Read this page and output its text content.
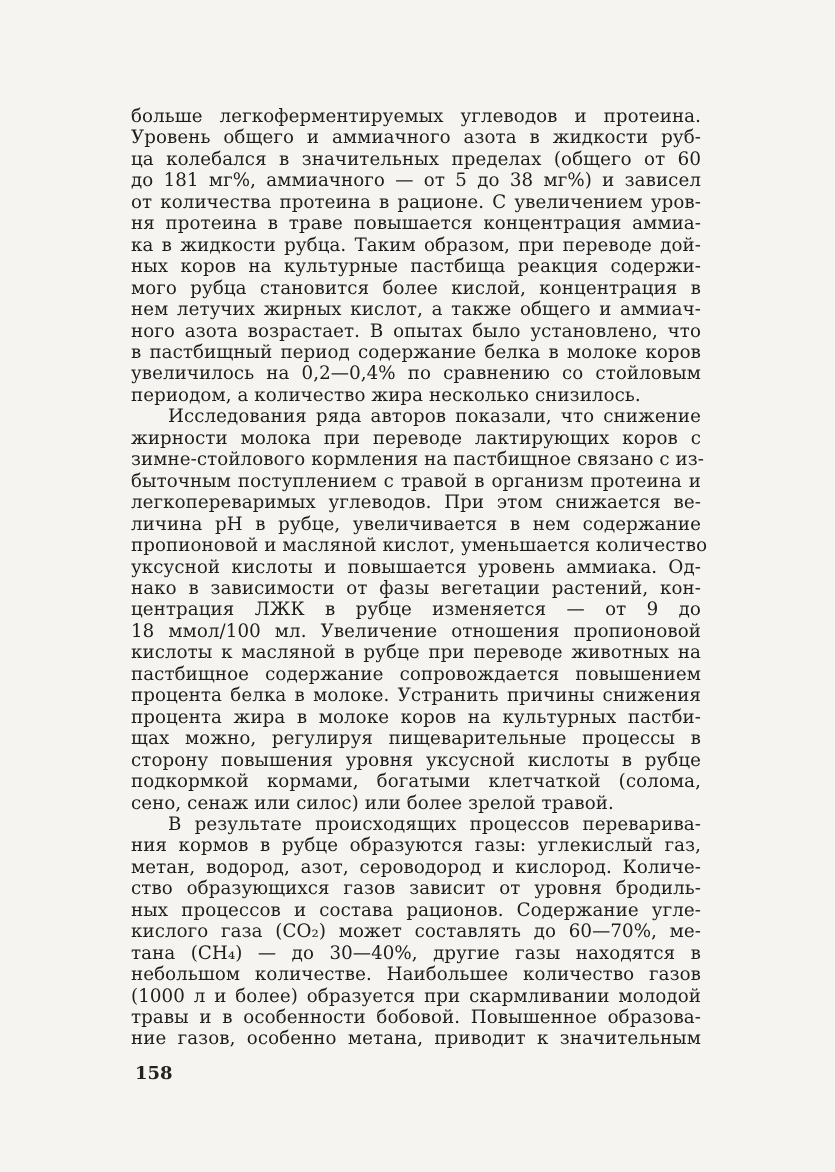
больше легкоферментируемых углеводов и протеина.
Уровень общего и аммиачного азота в жидкости руб-
ца колебался в значительных пределах (общего от 60
до 181 мг%, аммиачного — от 5 до 38 мг%) и зависел
от количества протеина в рационе. С увеличением уров-
ня протеина в траве повышается концентрация аммиа-
ка в жидкости рубца. Таким образом, при переводе дой-
ных коров на культурные пастбища реакция содержи-
мого рубца становится более кислой, концентрация в
нем летучих жирных кислот, а также общего и аммиач-
ного азота возрастает. В опытах было установлено, что
в пастбищный период содержание белка в молоке коров
увеличилось на 0,2—0,4% по сравнению со стойловым
периодом, а количество жира несколько снизилось.

Исследования ряда авторов показали, что снижение
жирности молока при переводе лактирующих коров с
зимне-стойлового кормления на пастбищное связано с из-
быточным поступлением с травой в организм протеина и
легкопереваримых углеводов. При этом снижается ве-
личина рН в рубце, увеличивается в нем содержание
пропионовой и масляной кислот, уменьшается количество
уксусной кислоты и повышается уровень аммиака. Од-
нако в зависимости от фазы вегетации растений, кон-
центрация ЛЖК в рубце изменяется — от 9 до
18 ммол/100 мл. Увеличение отношения пропионовой
кислоты к масляной в рубце при переводе животных на
пастбищное содержание сопровождается повышением
процента белка в молоке. Устранить причины снижения
процента жира в молоке коров на культурных пастби-
щах можно, регулируя пищеварительные процессы в
сторону повышения уровня уксусной кислоты в рубце
подкормкой кормами, богатыми клетчаткой (солома,
сено, сенаж или силос) или более зрелой травой.

В результате происходящих процессов переварива-
ния кормов в рубце образуются газы: углекислый газ,
метан, водород, азот, сероводород и кислород. Количе-
ство образующихся газов зависит от уровня бродиль-
ных процессов и состава рационов. Содержание угле-
кислого газа (CO₂) может составлять до 60—70%, ме-
тана (CH₄) — до 30—40%, другие газы находятся в
небольшом количестве. Наибольшее количество газов
(1000 л и более) образуется при скармливании молодой
травы и в особенности бобовой. Повышенное образова-
ние газов, особенно метана, приводит к значительным

158
